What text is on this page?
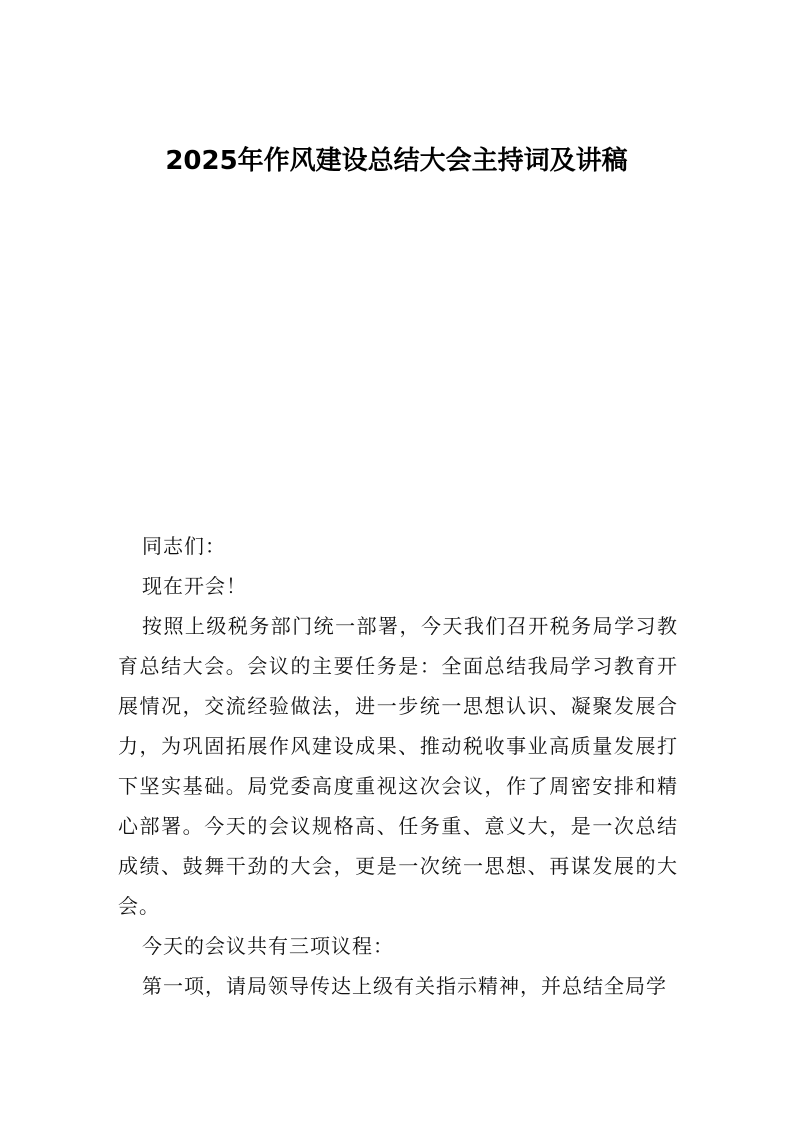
2025年作风建设总结大会主持词及讲稿

同志们：

现在开会！

按照上级税务部门统一部署，今天我们召开税务局学习教育总结大会。会议的主要任务是：全面总结我局学习教育开展情况，交流经验做法，进一步统一思想认识、凝聚发展合力，为巩固拓展作风建设成果、推动税收事业高质量发展打下坚实基础。局党委高度重视这次会议，作了周密安排和精心部署。今天的会议规格高、任务重、意义大，是一次总结成绩、鼓舞干劲的大会，更是一次统一思想、再谋发展的大会。

今天的会议共有三项议程：

第一项，请局领导传达上级有关指示精神，并总结全局学
